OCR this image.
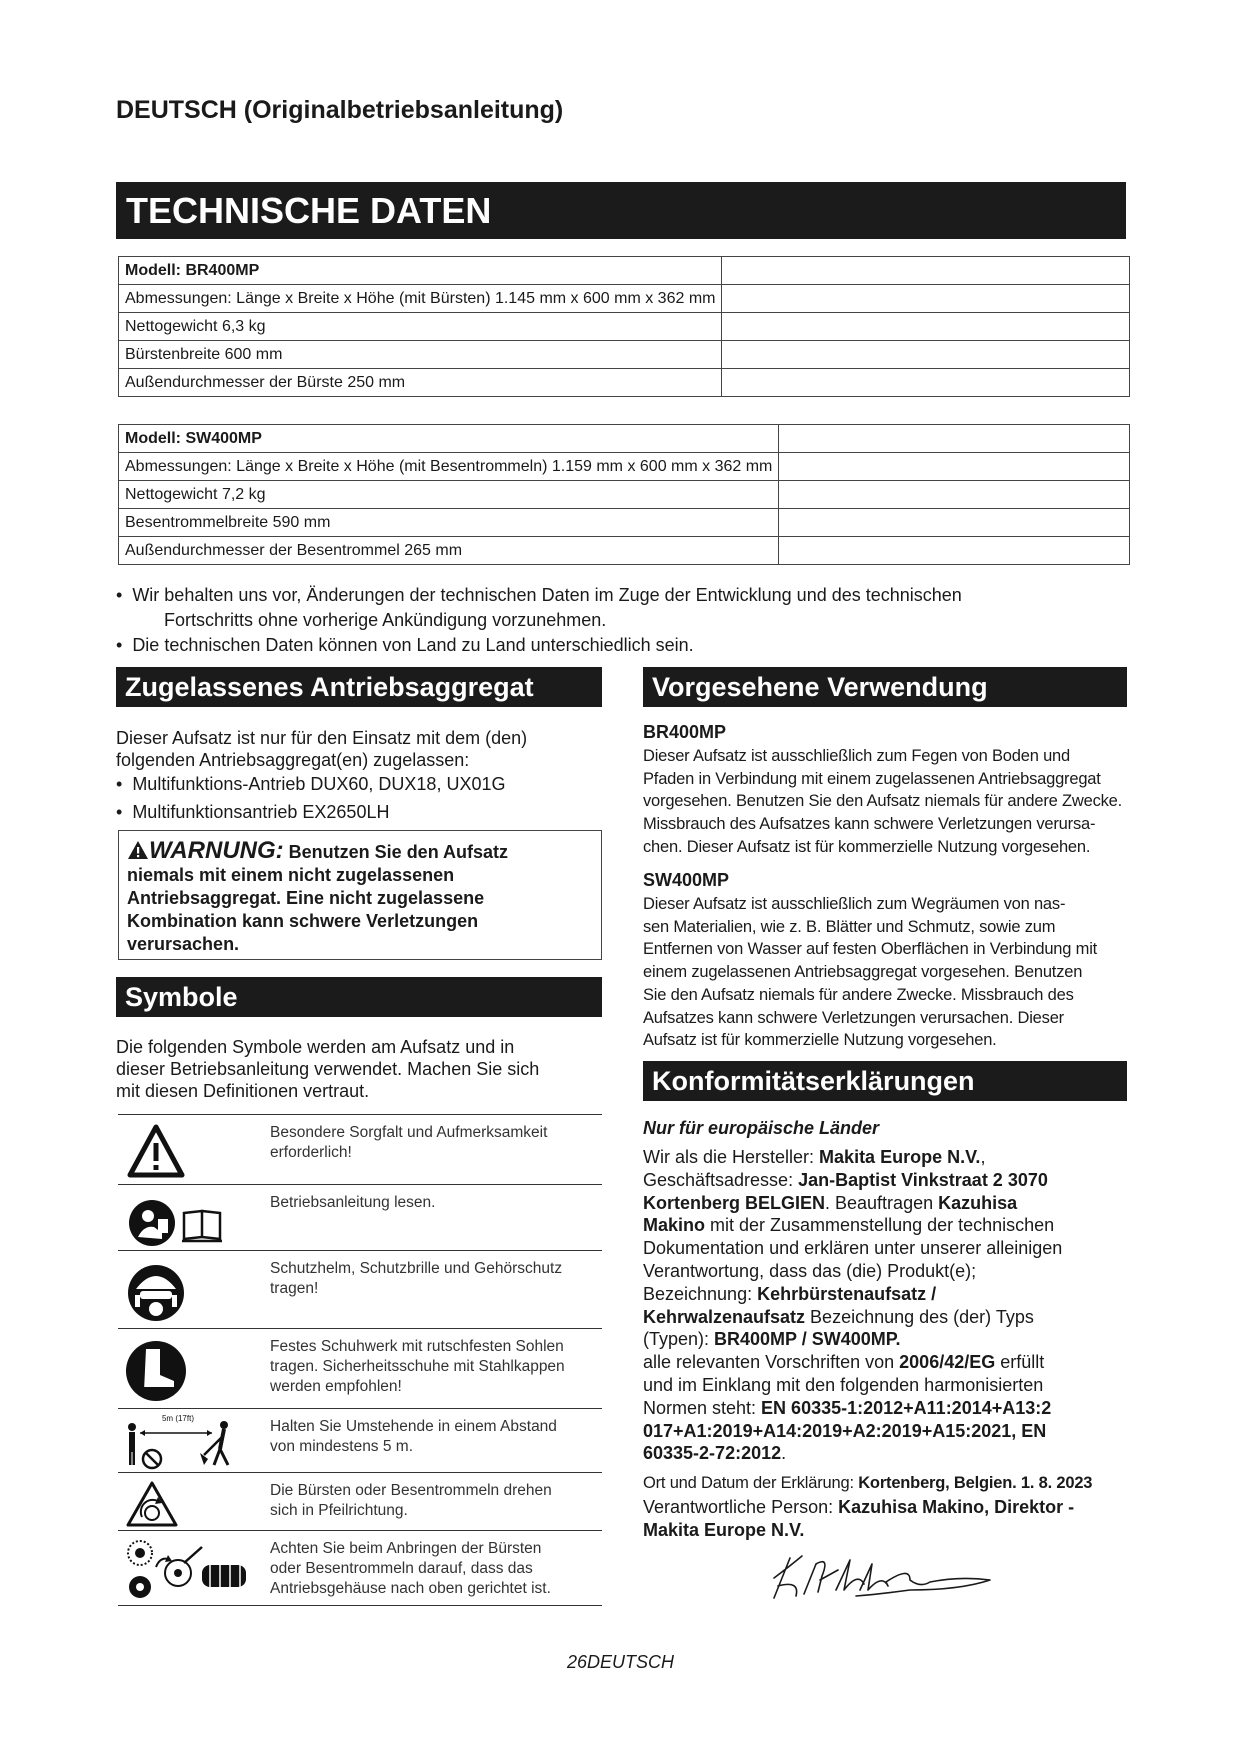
DEUTSCH (Originalbetriebsanleitung)
TECHNISCHE DATEN
Modell: BR400MP	
Abmessungen: Länge x Breite x Höhe (mit Bürsten) 1.145 mm x 600 mm x 362 mm	
Nettogewicht 6,3 kg	
Bürstenbreite 600 mm	
Außendurchmesser der Bürste 250 mm	
Modell: SW400MP	
Abmessungen: Länge x Breite x Höhe (mit Besentrommeln) 1.159 mm x 600 mm x 362 mm	
Nettogewicht 7,2 kg	
Besentrommelbreite 590 mm	
Außendurchmesser der Besentrommel 265 mm	
•  Wir behalten uns vor, Änderungen der technischen Daten im Zuge der Entwicklung und des technischen
Fortschritts ohne vorherige Ankündigung vorzunehmen.
•  Die technischen Daten können von Land zu Land unterschiedlich sein.
Zugelassenes Antriebsaggregat
Dieser Aufsatz ist nur für den Einsatz mit dem (den)
folgenden Antriebsaggregat(en) zugelassen:
•  Multifunktions-Antrieb DUX60, DUX18, UX01G
•  Multifunktionsantrieb EX2650LH
WARNUNG: Benutzen Sie den Aufsatz
niemals mit einem nicht zugelassenen
Antriebsaggregat. Eine nicht zugelassene
Kombination kann schwere Verletzungen
verursachen.
Symbole
Die folgenden Symbole werden am Aufsatz und in
dieser Betriebsanleitung verwendet. Machen Sie sich
mit diesen Definitionen vertraut.
Besondere Sorgfalt und Aufmerksamkeit
erforderlich!
Betriebsanleitung lesen.
Schutzhelm, Schutzbrille und Gehörschutz
tragen!
Festes Schuhwerk mit rutschfesten Sohlen
tragen. Sicherheitsschuhe mit Stahlkappen
werden empfohlen!
5m (17ft)	Halten Sie Umstehende in einem Abstand
von mindestens 5 m.
Die Bürsten oder Besentrommeln drehen
sich in Pfeilrichtung.
Achten Sie beim Anbringen der Bürsten
oder Besentrommeln darauf, dass das
Antriebsgehäuse nach oben gerichtet ist.
Vorgesehene Verwendung
BR400MP
Dieser Aufsatz ist ausschließlich zum Fegen von Boden und
Pfaden in Verbindung mit einem zugelassenen Antriebsaggregat
vorgesehen. Benutzen Sie den Aufsatz niemals für andere Zwecke.
Missbrauch des Aufsatzes kann schwere Verletzungen verursa-
chen. Dieser Aufsatz ist für kommerzielle Nutzung vorgesehen.
SW400MP
Dieser Aufsatz ist ausschließlich zum Wegräumen von nas-
sen Materialien, wie z. B. Blätter und Schmutz, sowie zum
Entfernen von Wasser auf festen Oberflächen in Verbindung mit
einem zugelassenen Antriebsaggregat vorgesehen. Benutzen
Sie den Aufsatz niemals für andere Zwecke. Missbrauch des
Aufsatzes kann schwere Verletzungen verursachen. Dieser
Aufsatz ist für kommerzielle Nutzung vorgesehen.
Konformitätserklärungen
Nur für europäische Länder
Wir als die Hersteller: Makita Europe N.V.,
Geschäftsadresse: Jan-Baptist Vinkstraat 2 3070
Kortenberg BELGIEN. Beauftragen Kazuhisa
Makino mit der Zusammenstellung der technischen
Dokumentation und erklären unter unserer alleinigen
Verantwortung, dass das (die) Produkt(e);
Bezeichnung: Kehrbürstenaufsatz /
Kehrwalzenaufsatz Bezeichnung des (der) Typs
(Typen): BR400MP / SW400MP.
alle relevanten Vorschriften von 2006/42/EG erfüllt
und im Einklang mit den folgenden harmonisierten
Normen steht: EN 60335-1:2012+A11:2014+A13:2
017+A1:2019+A14:2019+A2:2019+A15:2021, EN
60335-2-72:2012.
Ort und Datum der Erklärung: Kortenberg, Belgien. 1. 8. 2023
Verantwortliche Person: Kazuhisa Makino, Direktor -
Makita Europe N.V.
26DEUTSCH
